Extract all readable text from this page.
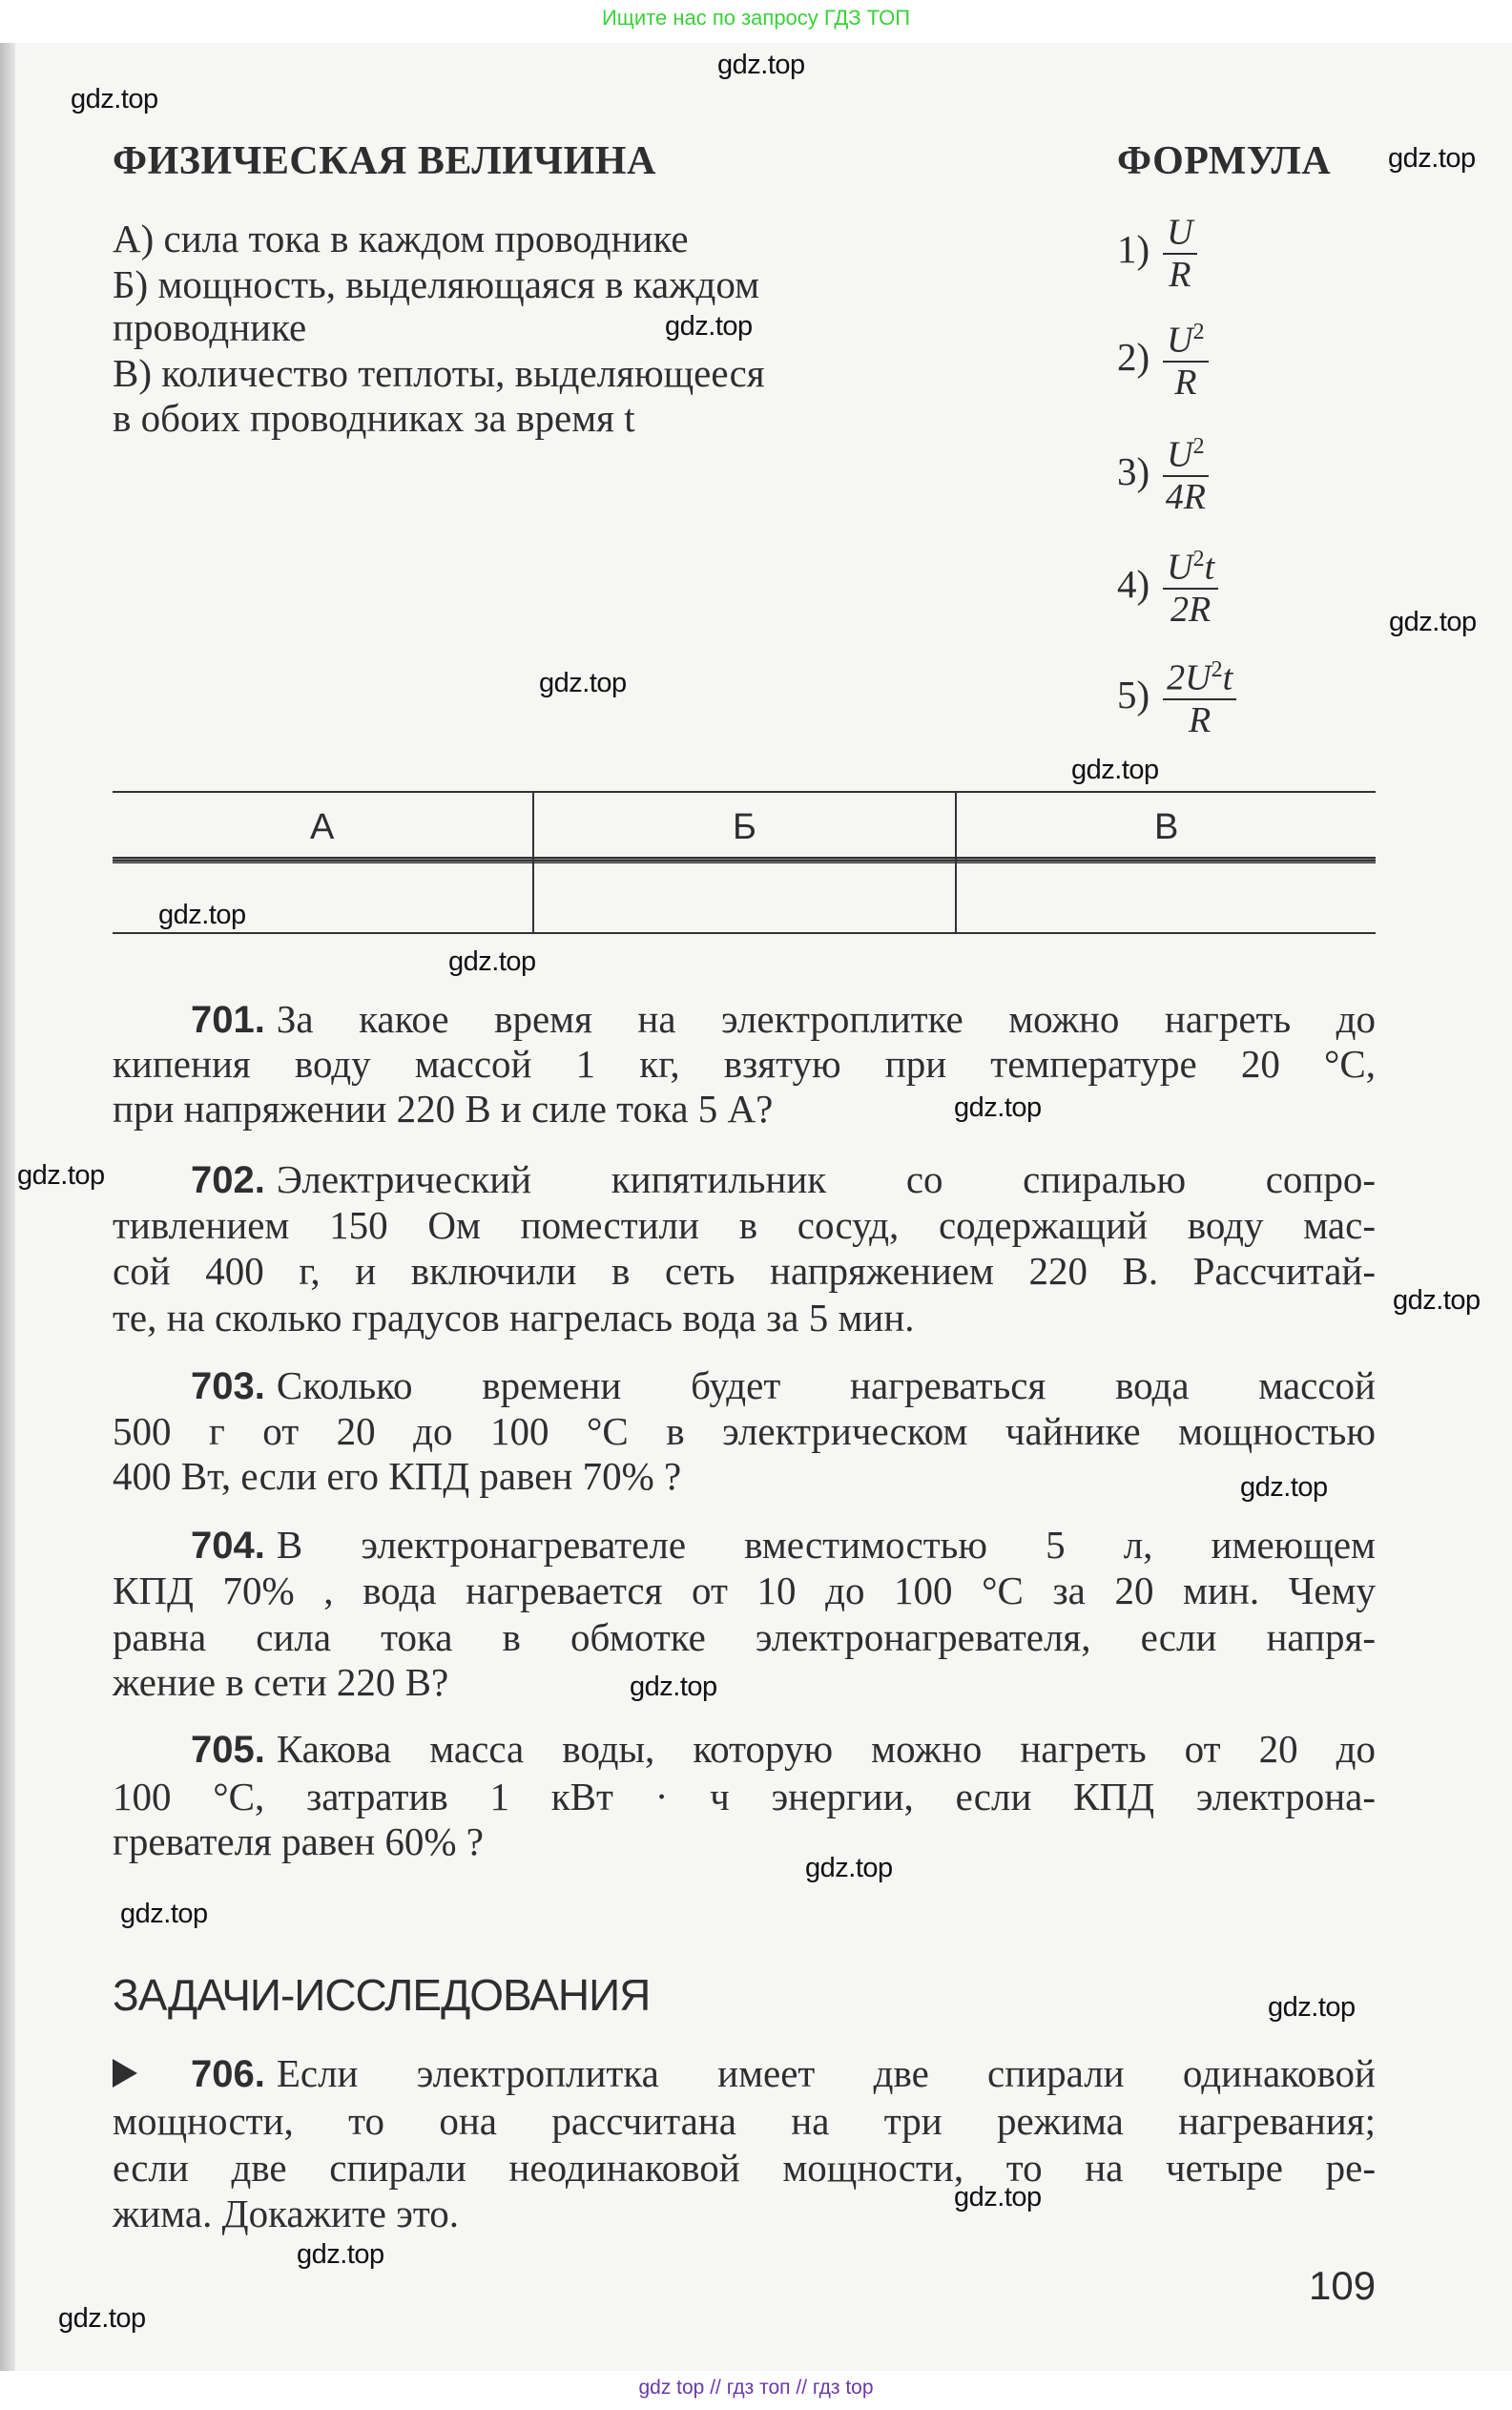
Ищите нас по запросу ГДЗ ТОП
ФИЗИЧЕСКАЯ ВЕЛИЧИНА	ФОРМУЛА
А) сила тока в каждом проводнике
Б) мощность, выделяющаяся в каждом
проводнике
В) количество теплоты, выделяющееся
в обоих проводниках за время t
$1) \frac{U}{R}$
$2) \frac{U^2}{R}$
$3) \frac{U^2}{4R}$
$4) \frac{U^2t}{2R}$
$5) \frac{2U^2t}{R}$
А	Б	В
701. За какое время на электроплитке можно нагреть до
кипения воду массой 1 кг, взятую при температуре 20 °С,
при напряжении 220 В и силе тока 5 А?
702. Электрический кипятильник со спиралью сопро-
тивлением 150 Ом поместили в сосуд, содержащий воду мас-
сой 400 г, и включили в сеть напряжением 220 В. Рассчитай-
те, на сколько градусов нагрелась вода за 5 мин.
703. Сколько времени будет нагреваться вода массой
500 г от 20 до 100 °С в электрическом чайнике мощностью
400 Вт, если его КПД равен 70% ?
704. В электронагревателе вместимостью 5 л, имеющем
КПД 70% , вода нагревается от 10 до 100 °С за 20 мин. Чему
равна сила тока в обмотке электронагревателя, если напря-
жение в сети 220 В?
705. Какова масса воды, которую можно нагреть от 20 до
100 °С, затратив 1 кВт · ч энергии, если КПД электрона-
гревателя равен 60% ?
ЗАДАЧИ-ИССЛЕДОВАНИЯ
706. Если электроплитка имеет две спирали одинаковой
мощности, то она рассчитана на три режима нагревания;
если две спирали неодинаковой мощности, то на четыре ре-
жима. Докажите это.
109
gdz.top
gdz.top
gdz.top
gdz.top
gdz.top
gdz.top
gdz.top
gdz.top
gdz.top
gdz.top
gdz.top
gdz.top
gdz.top
gdz.top
gdz.top
gdz.top
gdz.top
gdz.top
gdz.top
gdz.top
gdz top // гдз топ // гдз top
